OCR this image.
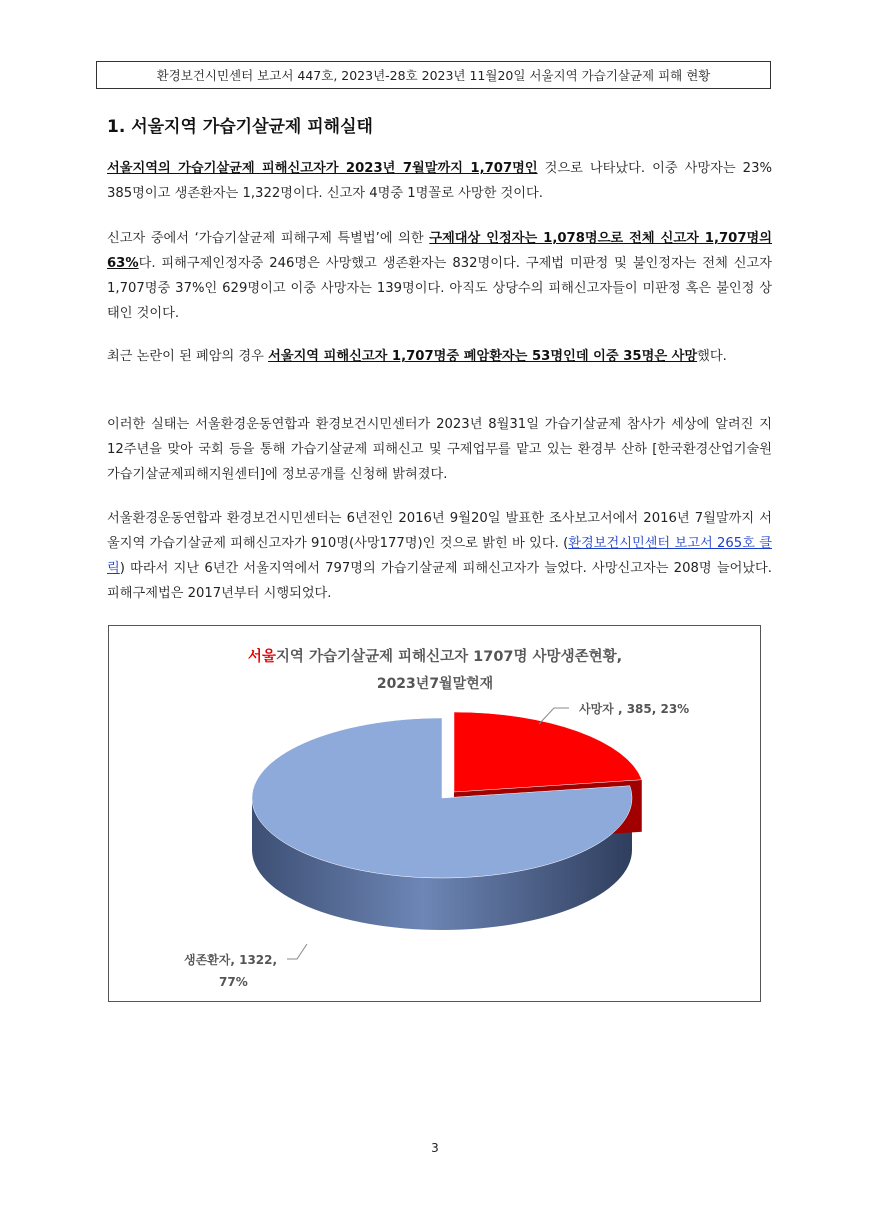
환경보건시민센터 보고서 447호, 2023년-28호 2023년 11월20일 서울지역 가습기살균제 피해 현황
1. 서울지역 가습기살균제 피해실태
서울지역의 가습기살균제 피해신고자가 2023년 7월말까지 1,707명인 것으로 나타났다. 이중 사망자는 23% 385명이고 생존환자는 1,322명이다. 신고자 4명중 1명꼴로 사망한 것이다.
신고자 중에서 ‘가습기살균제 피해구제 특별법’에 의한 구제대상 인정자는 1,078명으로 전체 신고자 1,707명의 63%다. 피해구제인정자중 246명은 사망했고 생존환자는 832명이다. 구제법 미판정 및 불인정자는 전체 신고자 1,707명중 37%인 629명이고 이중 사망자는 139명이다. 아직도 상당수의 피해신고자들이 미판정 혹은 불인정 상태인 것이다.
최근 논란이 된 폐암의 경우 서울지역 피해신고자 1,707명중 폐암환자는 53명인데 이중 35명은 사망했다.
이러한 실태는 서울환경운동연합과 환경보건시민센터가 2023년 8월31일 가습기살균제 참사가 세상에 알려진 지 12주년을 맞아 국회 등을 통해 가습기살균제 피해신고 및 구제업무를 맡고 있는 환경부 산하 [한국환경산업기술원 가습기살균제피해지원센터]에 정보공개를 신청해 밝혀졌다.
서울환경운동연합과 환경보건시민센터는 6년전인 2016년 9월20일 발표한 조사보고서에서 2016년 7월말까지 서울지역 가습기살균제 피해신고자가 910명(사망177명)인 것으로 밝힌 바 있다. (환경보건시민센터 보고서 265호 클릭) 따라서 지난 6년간 서울지역에서 797명의 가습기살균제 피해신고자가 늘었다. 사망신고자는 208명 늘어났다. 피해구제법은 2017년부터 시행되었다.
서울지역 가습기살균제 피해신고자 1707명 사망생존현황,
2023년7월말현재
사망자 , 385, 23%
생존환자, 1322,
77%
3
